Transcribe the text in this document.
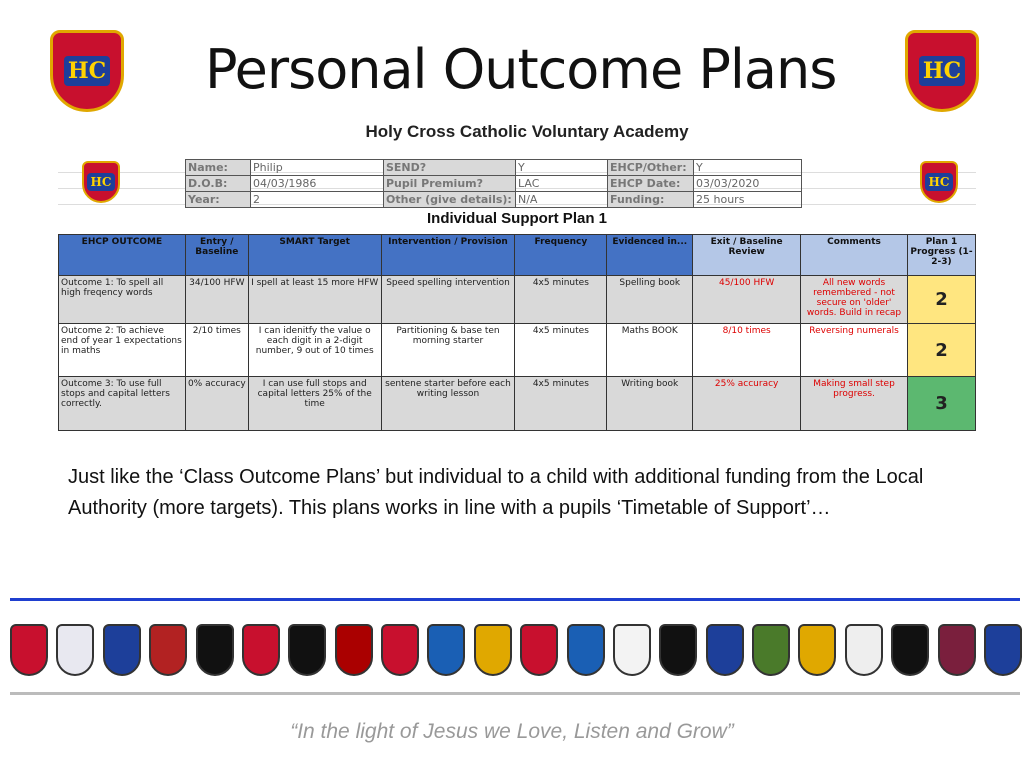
Personal Outcome Plans
HC	HC
Holy Cross Catholic Voluntary Academy
HC	HC
Name:	Philip	SEND?	Y	EHCP/Other:	Y
D.O.B:	04/03/1986	Pupil Premium?	LAC	EHCP Date:	03/03/2020
Year:	2	Other (give details):	N/A	Funding:	25 hours
Individual Support Plan 1
EHCP OUTCOME	Entry / Baseline	SMART Target	Intervention / Provision	Frequency	Evidenced in...	Exit / Baseline Review	Comments	Plan 1 Progress (1-2-3)
Outcome 1: To spell all high freqency words	34/100 HFW	I spell at least 15 more HFW	Speed spelling intervention	4x5 minutes	Spelling book	45/100 HFW	All new words remembered - not secure on 'older' words. Build in recap	2
Outcome 2: To achieve end of year 1 expectations in maths	2/10 times	I can idenitfy the value o each digit in a 2-digit number, 9 out of 10 times	Partitioning & base ten morning starter	4x5 minutes	Maths BOOK	8/10 times	Reversing numerals	2
Outcome 3: To use full stops and capital letters correctly.	0% accuracy	I can use full stops and capital letters 25% of the time	sentene starter before each writing lesson	4x5 minutes	Writing book	25% accuracy	Making small step progress.	3
Just like the ‘Class Outcome Plans’ but individual to a child with additional funding from the Local Authority (more targets). This plans works in line with a pupils ‘Timetable of Support’…
“In the light of Jesus we Love, Listen and Grow”
